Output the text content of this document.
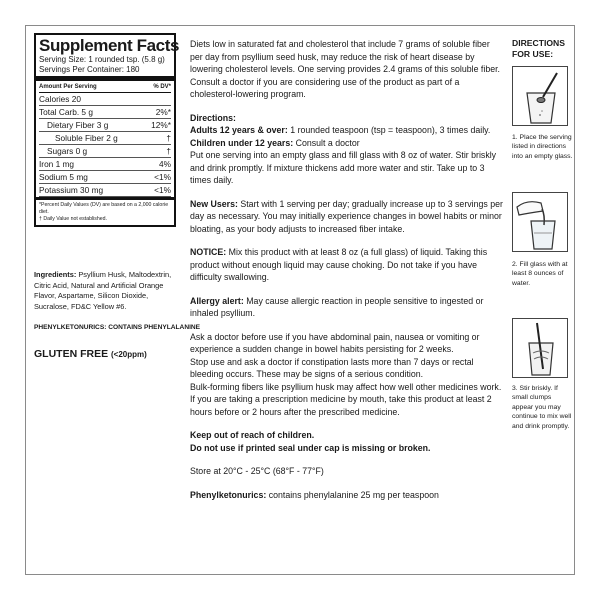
Supplement Facts
Serving Size: 1 rounded tsp. (5.8 g)
Servings Per Container: 180
Amount Per Serving	% DV*
Calories 20
Total Carb. 5 g	2%*
Dietary Fiber 3 g	12%*
Soluble Fiber 2 g	†
Sugars 0 g	†
Iron 1 mg	4%
Sodium 5 mg	<1%
Potassium 30 mg	<1%
*Percent Daily Values (DV) are based on a 2,000 calorie diet.
† Daily Value not established.
Ingredients: Psyllium Husk, Maltodextrin, Citric Acid, Natural and Artificial Orange Flavor, Aspartame, Silicon Dioxide, Sucralose, FD&C Yellow #6.
PHENYLKETONURICS: CONTAINS PHENYLALANINE
GLUTEN FREE (<20ppm)

Diets low in saturated fat and cholesterol that include 7 grams of soluble fiber per day from psyllium seed husk, may reduce the risk of heart disease by lowering cholesterol levels. One serving provides 2.4 grams of this soluble fiber. Consult a doctor if you are considering use of the product as part of a cholesterol-lowering program.

Directions:

Adults 12 years & over: 1 rounded teaspoon (tsp = teaspoon), 3 times daily.

Children under 12 years: Consult a doctor

Put one serving into an empty glass and fill glass with 8 oz of water. Stir briskly and drink promptly. If mixture thickens add more water and stir. Take up to 3 times daily.

New Users: Start with 1 serving per day; gradually increase up to 3 servings per day as necessary. You may initially experience changes in bowel habits or minor bloating, as your body adjusts to increased fiber intake.

NOTICE: Mix this product with at least 8 oz (a full glass) of liquid. Taking this product without enough liquid may cause choking. Do not take if you have difficulty swallowing.

Allergy alert: May cause allergic reaction in people sensitive to ingested or inhaled psyllium.

Ask a doctor before use if you have abdominal pain, nausea or vomiting or experience a sudden change in bowel habits persisting for 2 weeks.
Stop use and ask a doctor if constipation lasts more than 7 days or rectal bleeding occurs. These may be signs of a serious condition.
Bulk-forming fibers like psyllium husk may affect how well other medicines work. If you are taking a prescription medicine by mouth, take this product at least 2 hours before or 2 hours after the prescribed medicine.

Keep out of reach of children.

Do not use if printed seal under cap is missing or broken.

Store at 20°C - 25°C (68°F - 77°F)

Phenylketonurics: contains phenylalanine 25 mg per teaspoon

DIRECTIONS FOR USE:
1. Place the serving listed in directions into an empty glass.
2. Fill glass with at least 8 ounces of water.
3. Stir briskly. If small clumps appear you may continue to mix well and drink promptly.
